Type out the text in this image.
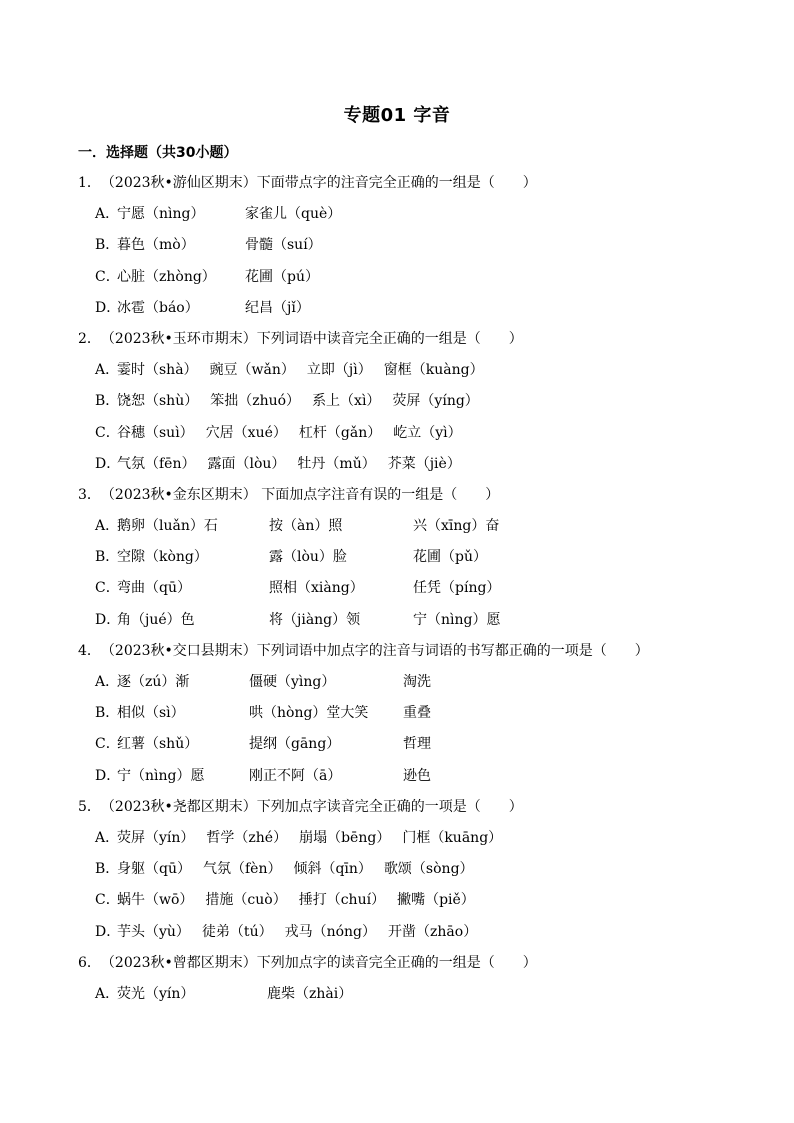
专题01 字音
一．选择题（共30小题）
1．（2023秋•游仙区期末）下面带点字的注音完全正确的一组是（　　）
A．
宁愿（nìng）	家雀儿（què）
B．
暮色（mò）	骨髓（suí）
C．
心脏（zhòng）	花圃（pú）
D．
冰雹（báo）	纪昌（jǐ）
2．（2023秋•玉环市期末）下列词语中读音完全正确的一组是（　　）
A．
霎时（shà） 豌豆（wǎn） 立即（jì） 窗框（kuàng）
B．
饶恕（shù） 笨拙（zhuó） 系上（xì） 荧屏（yíng）
C．
谷穗（suì） 穴居（xué） 杠杆（gǎn） 屹立（yì）
D．
气氛（fēn） 露面（lòu） 牡丹（mǔ） 芥菜（jiè）
3．（2023秋•金东区期末） 下面加点字注音有误的一组是（　　）
A．
鹅卵（luǎn）石	按（àn）照	兴（xīng）奋
B．
空隙（kòng）	露（lòu）脸	花圃（pǔ）
C．
弯曲（qū）	照相（xiàng）	任凭（píng）
D．
角（jué）色	将（jiàng）领	宁（nìng）愿
4．（2023秋•交口县期末）下列词语中加点字的注音与词语的书写都正确的一项是（　　）
A．
逐（zú）渐	僵硬（yìng）	淘洗
B．
相似（sì）	哄（hòng）堂大笑	重叠
C．
红薯（shǔ）	提纲（gāng）	哲理
D．
宁（nìng）愿	刚正不阿（ā）	逊色
5．（2023秋•尧都区期末）下列加点字读音完全正确的一项是（　　）
A．
荧屏（yín） 哲学（zhé） 崩塌（bēng） 门框（kuāng）
B．
身躯（qū） 气氛（fèn） 倾斜（qīn） 歌颂（sòng）
C．
蜗牛（wō） 措施（cuò） 捶打（chuí） 撇嘴（piě）
D．
芋头（yù） 徒弟（tú） 戎马（nóng） 开凿（zhāo）
6．（2023秋•曾都区期末）下列加点字的读音完全正确的一组是（　　）
A．
荧光（yín）	鹿柴（zhài）
